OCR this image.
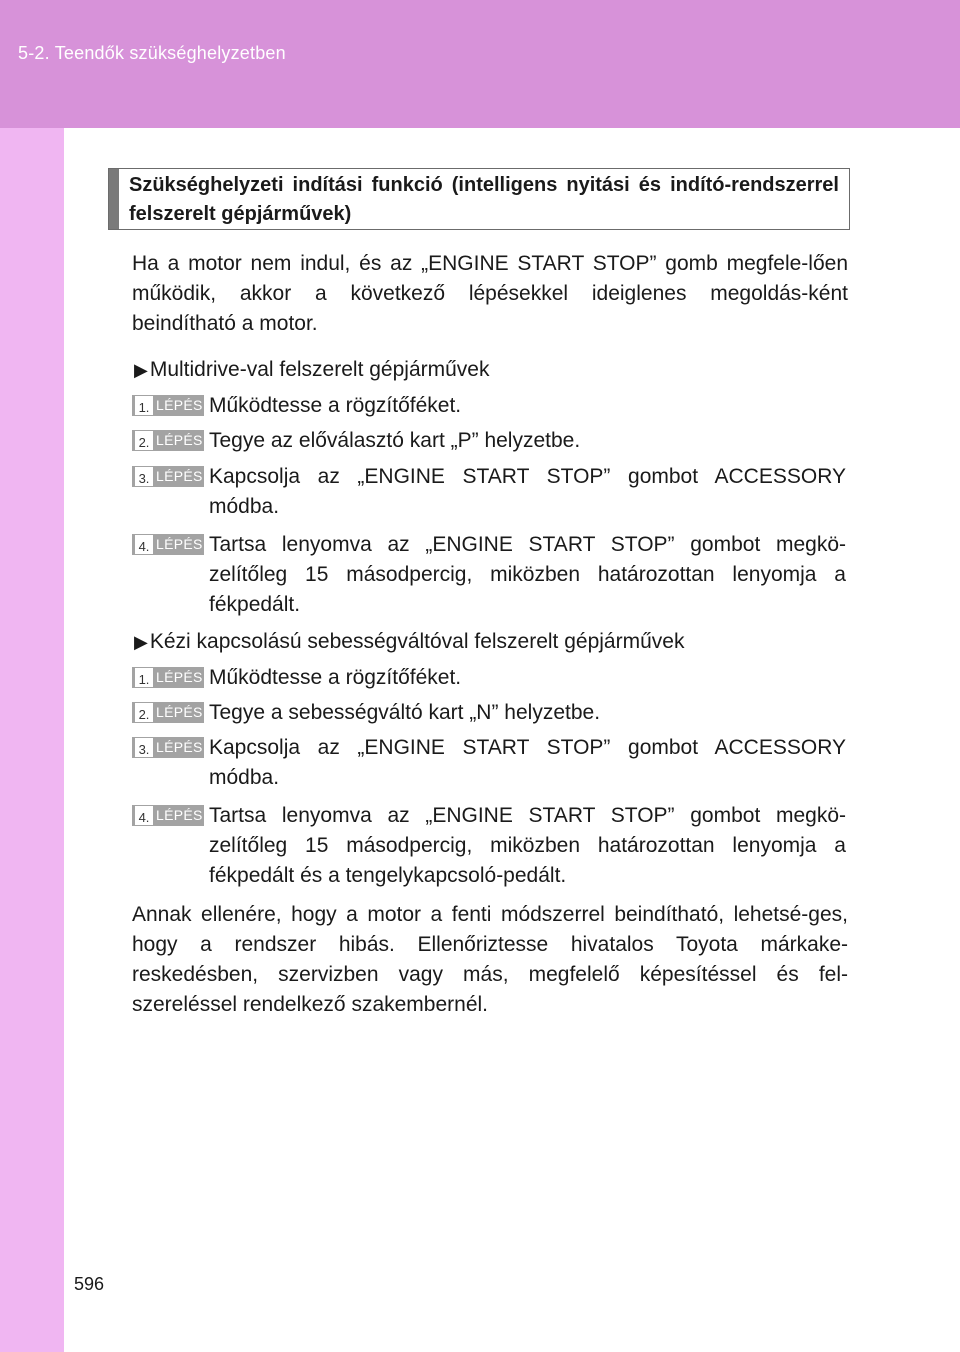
5-2. Teendők szükséghelyzetben
Szükséghelyzeti indítási funkció (intelligens nyitási és indító-rendszerrel felszerelt gépjárművek)

Ha a motor nem indul, és az „ENGINE START STOP” gomb megfele-lően működik, akkor a következő lépésekkel ideiglenes megoldás-ként beindítható a motor.

▶Multidrive-val felszerelt gépjárművek
1. LÉPÉS Működtesse a rögzítőféket.

2. LÉPÉS Tegye az előválasztó kart „P” helyzetbe.

3. LÉPÉS Kapcsolja az „ENGINE START STOP” gombot ACCESSORY módba.

4. LÉPÉS Tartsa lenyomva az „ENGINE START STOP” gombot megkö-zelítőleg 15 másodpercig, miközben határozottan lenyomja a fékpedált.

▶Kézi kapcsolású sebességváltóval felszerelt gépjárművek
1. LÉPÉS Működtesse a rögzítőféket.

2. LÉPÉS Tegye a sebességváltó kart „N” helyzetbe.

3. LÉPÉS Kapcsolja az „ENGINE START STOP” gombot ACCESSORY módba.

4. LÉPÉS Tartsa lenyomva az „ENGINE START STOP” gombot megkö-zelítőleg 15 másodpercig, miközben határozottan lenyomja a fékpedált és a tengelykapcsoló-pedált.

Annak ellenére, hogy a motor a fenti módszerrel beindítható, lehetsé-ges, hogy a rendszer hibás. Ellenőriztesse hivatalos Toyota márkake-reskedésben, szervizben vagy más, megfelelő képesítéssel és fel-szereléssel rendelkező szakembernél.

596
